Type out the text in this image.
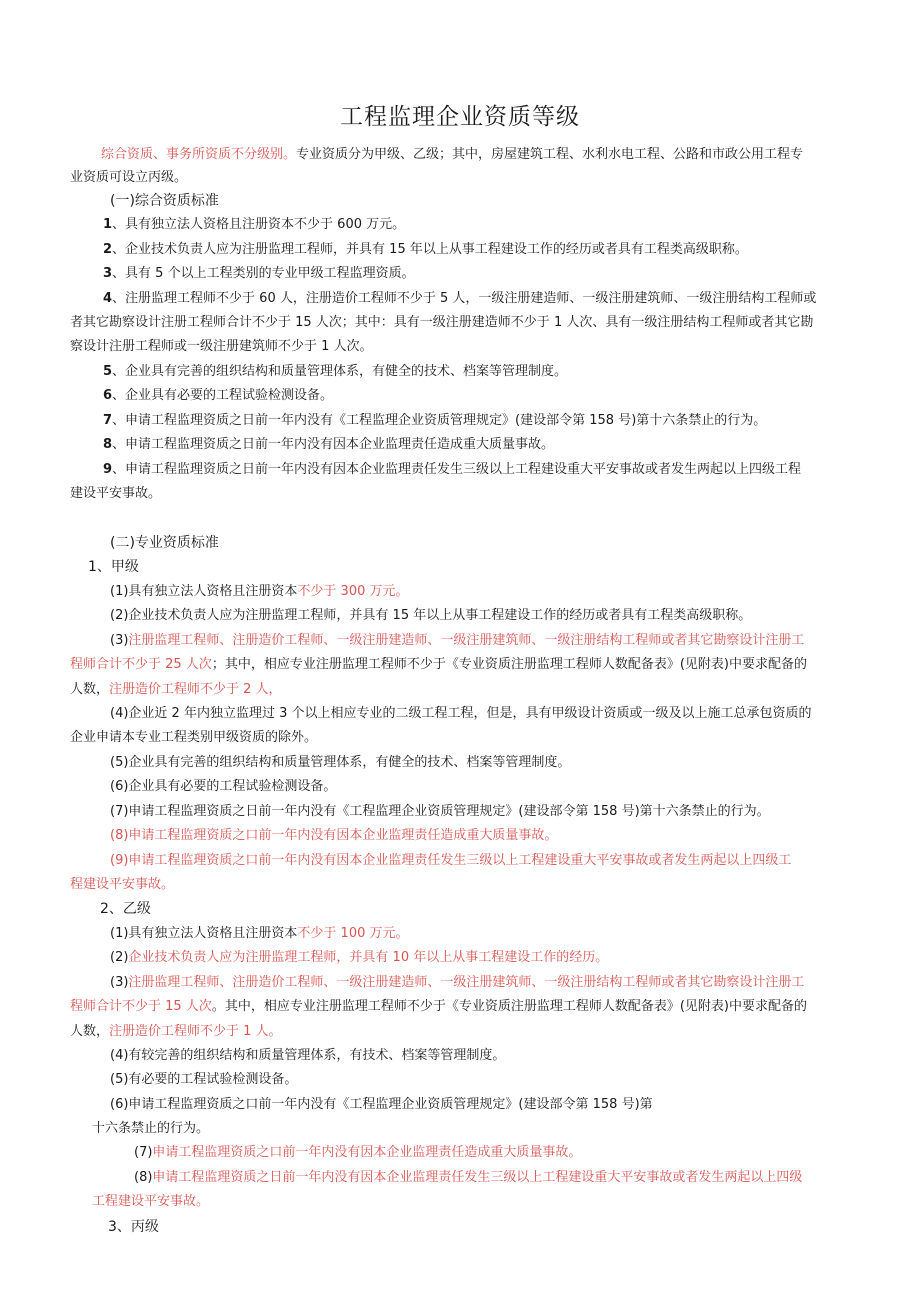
工程监理企业资质等级

综合资质、事务所资质不分级别。专业资质分为甲级、乙级；其中，房屋建筑工程、水利水电工程、公路和市政公用工程专

业资质可设立丙级。

(一)综合资质标准

1、具有独立法人资格且注册资本不少于 600 万元。

2、企业技术负责人应为注册监理工程师，并具有 15 年以上从事工程建设工作的经历或者具有工程类高级职称。

3、具有 5 个以上工程类别的专业甲级工程监理资质。

4、注册监理工程师不少于 60 人，注册造价工程师不少于 5 人，一级注册建造师、一级注册建筑师、一级注册结构工程师或

者其它勘察设计注册工程师合计不少于 15 人次；其中：具有一级注册建造师不少于 1 人次、具有一级注册结构工程师或者其它勘

察设计注册工程师或一级注册建筑师不少于 1 人次。

5、企业具有完善的组织结构和质量管理体系，有健全的技术、档案等管理制度。

6、企业具有必要的工程试验检测设备。

7、申请工程监理资质之日前一年内没有《工程监理企业资质管理规定》(建设部令第 158 号)第十六条禁止的行为。

8、申请工程监理资质之日前一年内没有因本企业监理责任造成重大质量事故。

9、申请工程监理资质之日前一年内没有因本企业监理责任发生三级以上工程建设重大平安事故或者发生两起以上四级工程

建设平安事故。

(二)专业资质标准

1、甲级

(1)具有独立法人资格且注册资本不少于 300 万元。

(2)企业技术负责人应为注册监理工程师，并具有 15 年以上从事工程建设工作的经历或者具有工程类高级职称。

(3)注册监理工程师、注册造价工程师、一级注册建造师、一级注册建筑师、一级注册结构工程师或者其它勘察设计注册工

程师合计不少于 25 人次；其中，相应专业注册监理工程师不少于《专业资质注册监理工程师人数配备表》(见附表)中要求配备的

人数，注册造价工程师不少于 2 人，

(4)企业近 2 年内独立监理过 3 个以上相应专业的二级工程工程，但是，具有甲级设计资质或一级及以上施工总承包资质的

企业申请本专业工程类别甲级资质的除外。

(5)企业具有完善的组织结构和质量管理体系，有健全的技术、档案等管理制度。

(6)企业具有必要的工程试验检测设备。

(7)申请工程监理资质之日前一年内没有《工程监理企业资质管理规定》(建设部令第 158 号)第十六条禁止的行为。

(8)申请工程监理资质之口前一年内没有因本企业监理责任造成重大质量事故。

(9)申请工程监理资质之口前一年内没有因本企业监理责任发生三级以上工程建设重大平安事故或者发生两起以上四级工

程建设平安事故。

2、乙级

(1)具有独立法人资格且注册资本不少于 100 万元。

(2)企业技术负责人应为注册监理工程师，并具有 10 年以上从事工程建设工作的经历。

(3)注册监理工程师、注册造价工程师、一级注册建造师、一级注册建筑师、一级注册结构工程师或者其它勘察设计注册工

程师合计不少于 15 人次。其中，相应专业注册监理工程师不少于《专业资质注册监理工程师人数配备表》(见附表)中要求配备的

人数，注册造价工程师不少于 1 人。

(4)有较完善的组织结构和质量管理体系，有技术、档案等管理制度。

(5)有必要的工程试验检测设备。

(6)申请工程监理资质之口前一年内没有《工程监理企业资质管理规定》(建设部令第 158 号)第

十六条禁止的行为。

(7)申请工程监理资质之口前一年内没有因本企业监理责任造成重大质量事故。

(8)申请工程监理资质之日前一年内没有因本企业监理责任发生三级以上工程建设重大平安事故或者发生两起以上四级

工程建设平安事故。

3、丙级
